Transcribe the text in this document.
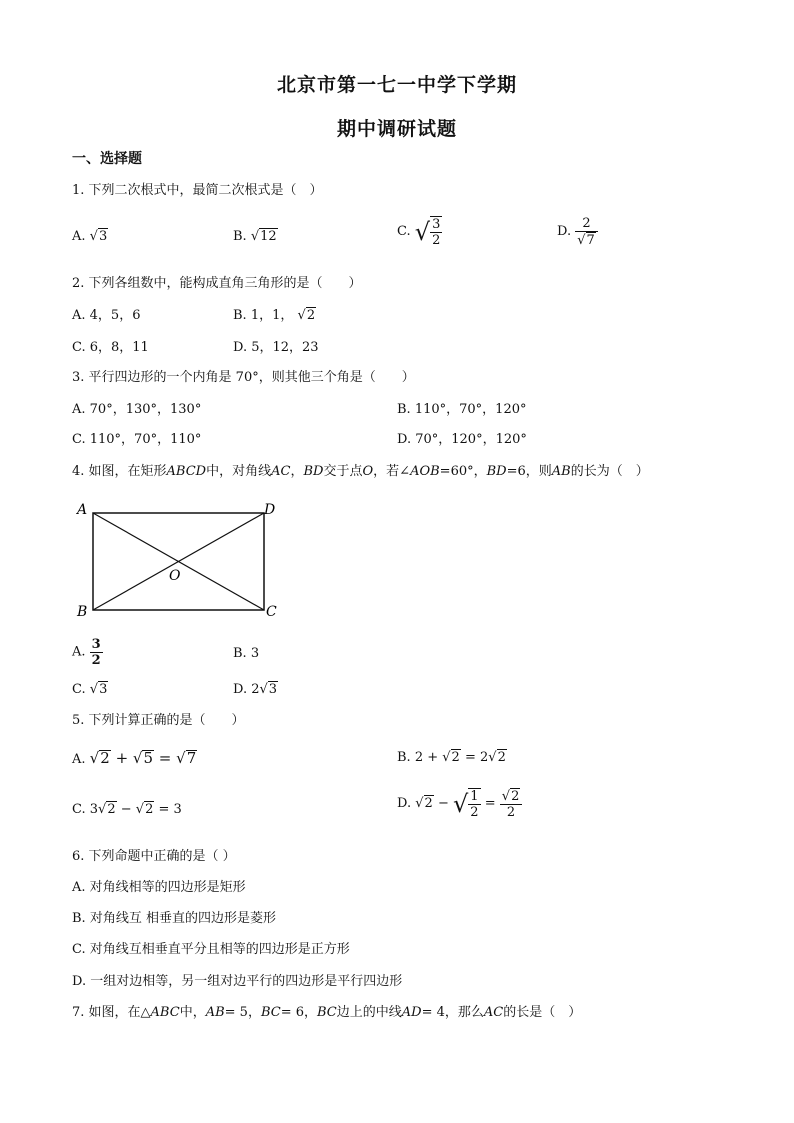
北京市第一七一中学下学期
期中调研试题
一、选择题
1. 下列二次根式中，最简二次根式是（　）
A. √3	B. √12	C. √ $\frac{3}{2}$	D. $\frac{2}{√7}$
2. 下列各组数中，能构成直角三角形的是（　　）
A. 4，5，6	B. 1，1， √2
C. 6，8，11	D. 5，12，23
3. 平行四边形的一个内角是 70°，则其他三个角是（　　）
A. 70°，130°，130°	B. 110°，70°，120°
C. 110°，70°，110°	D. 70°，120°，120°
4. 如图，在矩形ABCD中，对角线AC，BD交于点O，若∠AOB=60°，BD=6，则AB的长为（　）
A	D
B	C
O
A. $\frac{3}{2}$	B. 3
C. √3	D. 2√3
5. 下列计算正确的是（　　）
A. √2 + √5 = √7	B. 2 + √2 = 2√2
C. 3√2 − √2 = 3	D. √2 − √ $\frac{1}{2} = \frac{√2}{2}$
6. 下列命题中正确的是（ ）
A. 对角线相等的四边形是矩形
B. 对角线互 相垂直的四边形是菱形
C. 对角线互相垂直平分且相等的四边形是正方形
D. 一组对边相等，另一组对边平行的四边形是平行四边形
7. 如图，在△ABC中，AB= 5，BC= 6，BC边上的中线AD= 4，那么AC的长是（　）
